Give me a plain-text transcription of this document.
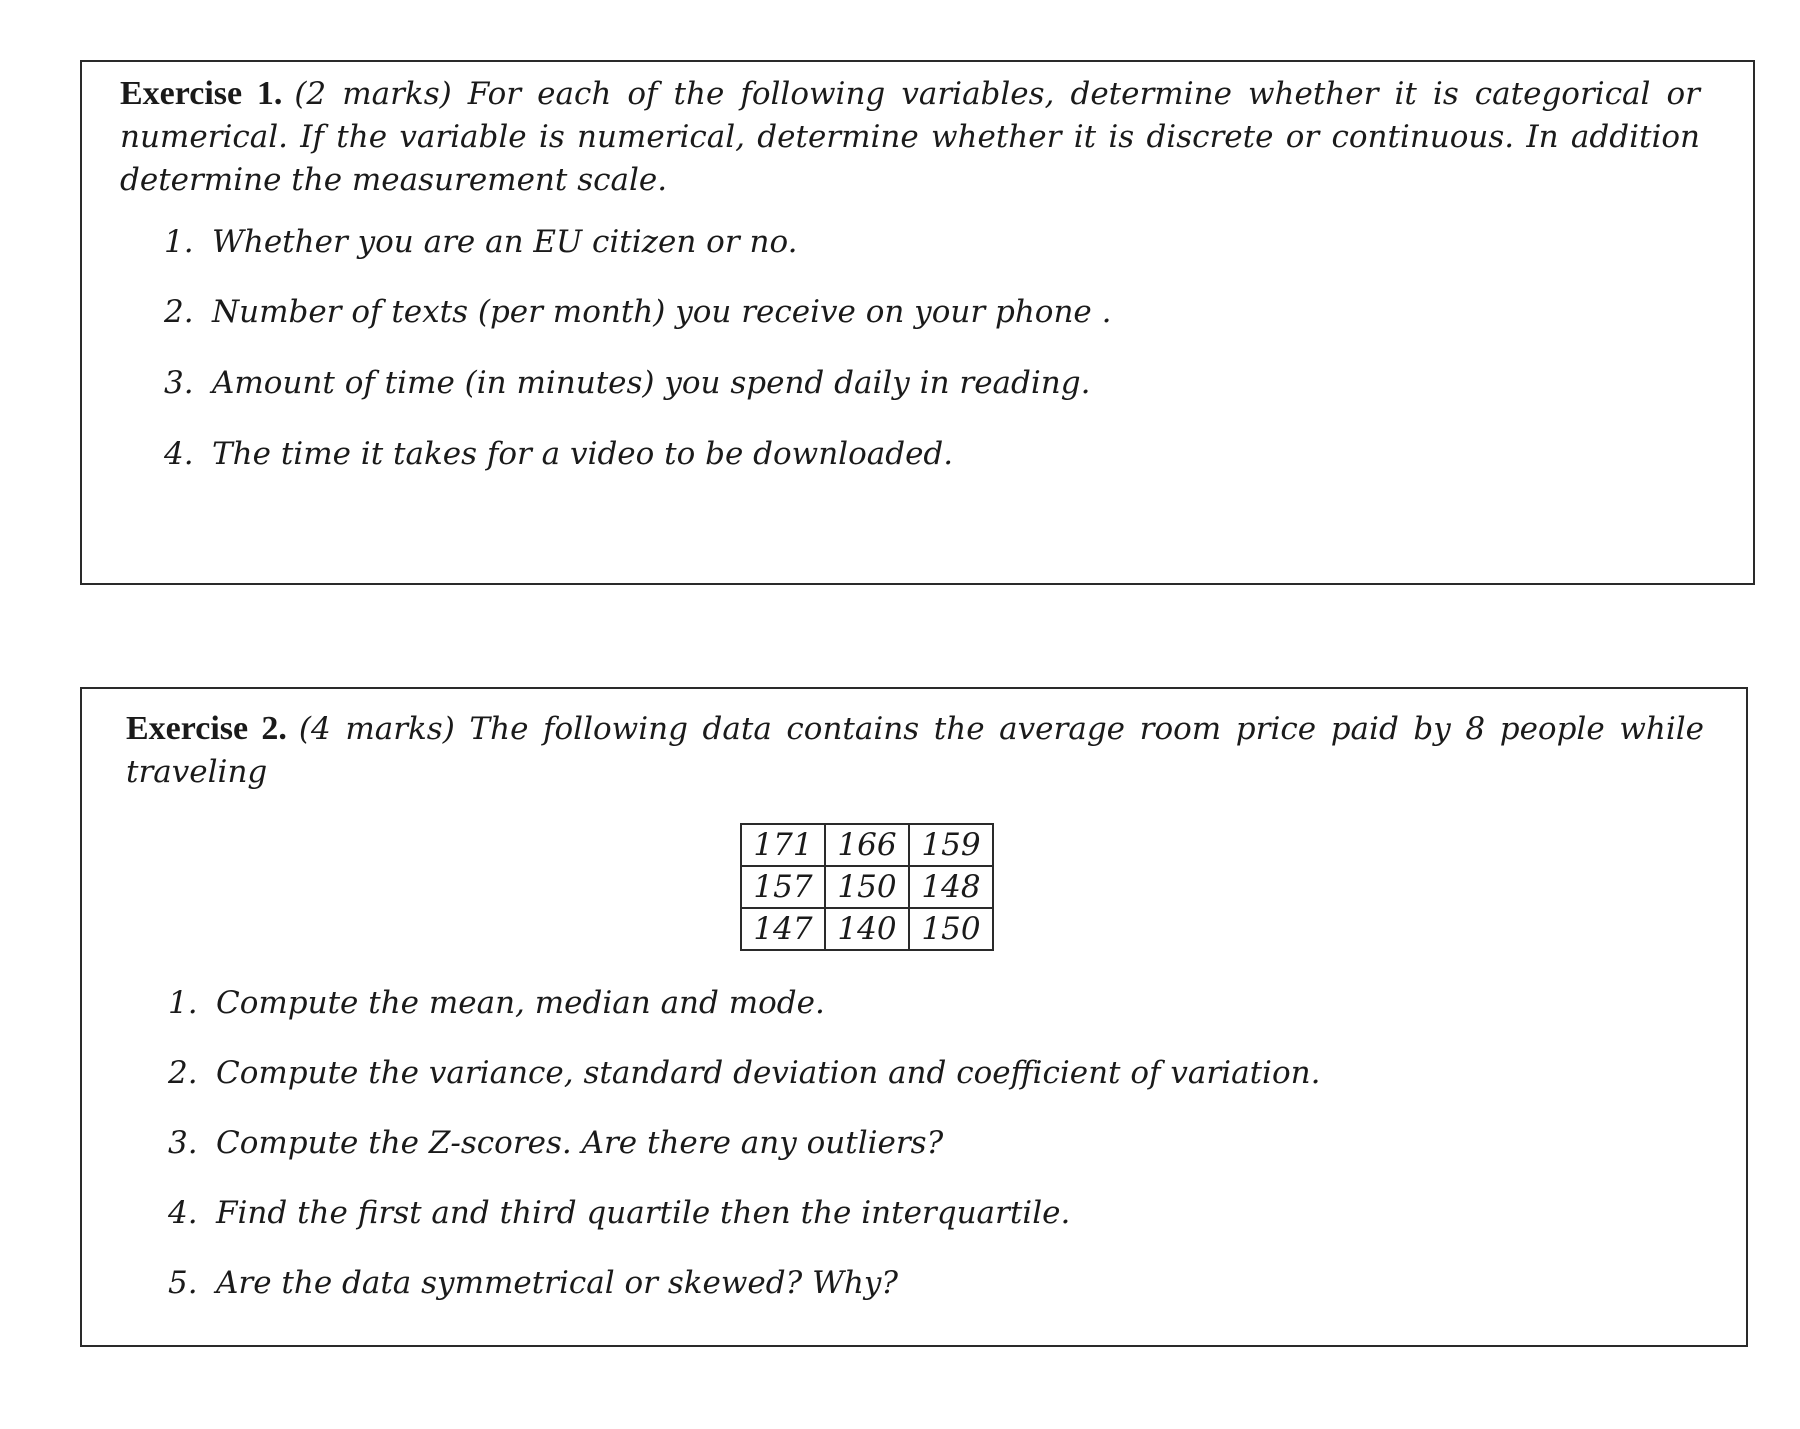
Exercise 1. (2 marks) For each of the following variables, determine whether it is categorical or numerical. If the variable is numerical, determine whether it is discrete or continuous. In addition determine the measurement scale.
1. Whether you are an EU citizen or no.
2. Number of texts (per month) you receive on your phone .
3. Amount of time (in minutes) you spend daily in reading.
4. The time it takes for a video to be downloaded.
Exercise 2. (4 marks) The following data contains the average room price paid by 8 people while traveling
171	166	159
157	150	148
147	140	150
1. Compute the mean, median and mode.
2. Compute the variance, standard deviation and coefficient of variation.
3. Compute the Z-scores. Are there any outliers?
4. Find the first and third quartile then the interquartile.
5. Are the data symmetrical or skewed? Why?
